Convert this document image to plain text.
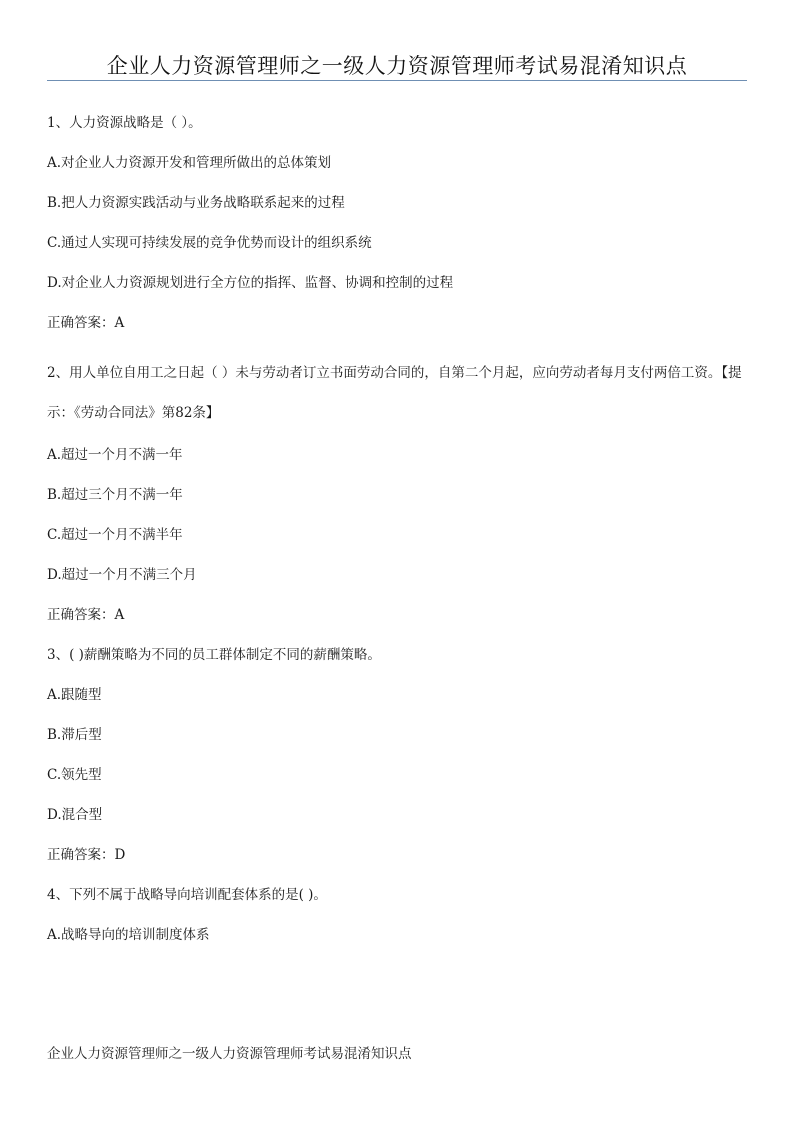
企业人力资源管理师之一级人力资源管理师考试易混淆知识点

1、人力资源战略是（ ）。

A.对企业人力资源开发和管理所做出的总体策划

B.把人力资源实践活动与业务战略联系起来的过程

C.通过人实现可持续发展的竞争优势而设计的组织系统

D.对企业人力资源规划进行全方位的指挥、监督、协调和控制的过程

正确答案：A

2、用人单位自用工之日起（ ）未与劳动者订立书面劳动合同的，自第二个月起，应向劳动者每月支付两倍工资。【提示：《劳动合同法》第82条】

A.超过一个月不满一年

B.超过三个月不满一年

C.超过一个月不满半年

D.超过一个月不满三个月

正确答案：A

3、( )薪酬策略为不同的员工群体制定不同的薪酬策略。

A.跟随型

B.滞后型

C.领先型

D.混合型

正确答案：D

4、下列不属于战略导向培训配套体系的是( )。

A.战略导向的培训制度体系

企业人力资源管理师之一级人力资源管理师考试易混淆知识点
